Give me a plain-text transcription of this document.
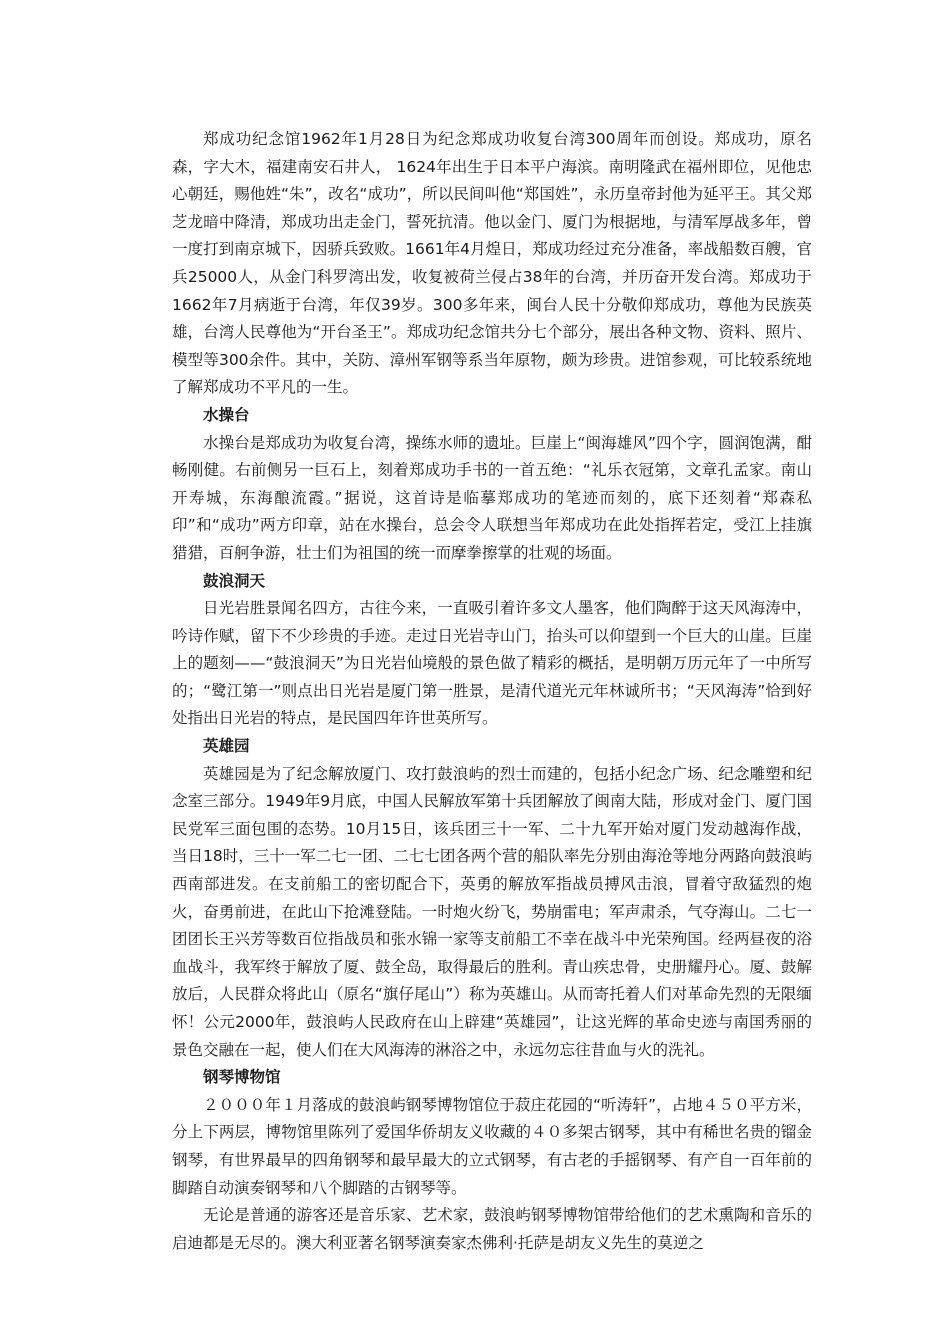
郑成功纪念馆1962年1月28日为纪念郑成功收复台湾300周年而创设。郑成功，原名森，字大木，福建南安石井人， 1624年出生于日本平户海滨。南明隆武在福州即位，见他忠心朝廷，赐他姓“朱”，改名“成功”，所以民间叫他“郑国姓”，永历皇帝封他为延平王。其父郑芝龙暗中降清，郑成功出走金门，誓死抗清。他以金门、厦门为根据地，与清军厚战多年，曾一度打到南京城下，因骄兵致败。1661年4月煌日，郑成功经过充分准备，率战船数百艘，官兵25000人，从金门科罗湾出发，收复被荷兰侵占38年的台湾，并历奋开发台湾。郑成功于1662年7月病逝于台湾，年仅39岁。300多年来，闽台人民十分敬仰郑成功，尊他为民族英雄，台湾人民尊他为“开台圣王”。郑成功纪念馆共分七个部分，展出各种文物、资料、照片、模型等300余件。其中，关防、漳州军钢等系当年原物，颇为珍贵。进馆参观，可比较系统地了解郑成功不平凡的一生。

水操台

水操台是郑成功为收复台湾，操练水师的遗址。巨崖上“闽海雄风”四个字，圆润饱满，酣畅刚健。右前侧另一巨石上，刻着郑成功手书的一首五绝：“礼乐衣冠第，文章孔孟家。南山开寿城，东海酿流霞。”据说，这首诗是临摹郑成功的笔迹而刻的，底下还刻着“郑森私印”和“成功”两方印章，站在水操台，总会令人联想当年郑成功在此处指挥若定，受江上挂旗猎猎，百舸争游，壮士们为祖国的统一而摩拳擦掌的壮观的场面。

鼓浪洞天

日光岩胜景闻名四方，古往今来，一直吸引着许多文人墨客，他们陶醉于这天风海涛中，吟诗作赋，留下不少珍贵的手迹。走过日光岩寺山门，抬头可以仰望到一个巨大的山崖。巨崖上的题刻——“鼓浪洞天”为日光岩仙境般的景色做了精彩的概括，是明朝万历元年了一中所写的；“鹭江第一”则点出日光岩是厦门第一胜景，是清代道光元年林诚所书；“天风海涛”恰到好处指出日光岩的特点，是民国四年许世英所写。

英雄园

英雄园是为了纪念解放厦门、攻打鼓浪屿的烈士而建的，包括小纪念广场、纪念雕塑和纪念室三部分。1949年9月底，中国人民解放军第十兵团解放了闽南大陆，形成对金门、厦门国民党军三面包围的态势。10月15日，该兵团三十一军、二十九军开始对厦门发动越海作战，当日18时，三十一军二七一团、二七七团各两个营的船队率先分别由海沧等地分两路向鼓浪屿西南部进发。在支前船工的密切配合下，英勇的解放军指战员搏风击浪，冒着守敌猛烈的炮火，奋勇前进，在此山下抢滩登陆。一时炮火纷飞，势崩雷电；军声肃杀，气夺海山。二七一团团长王兴芳等数百位指战员和张水锦一家等支前船工不幸在战斗中光荣殉国。经两昼夜的浴血战斗，我军终于解放了厦、鼓全岛，取得最后的胜利。青山疾忠骨，史册耀丹心。厦、鼓解放后，人民群众将此山（原名“旗仔尾山”）称为英雄山。从而寄托着人们对革命先烈的无限缅怀！公元2000年，鼓浪屿人民政府在山上辟建“英雄园”，让这光辉的革命史迹与南国秀丽的景色交融在一起，使人们在大风海涛的淋浴之中，永远勿忘往昔血与火的洗礼。

钢琴博物馆

２０００年１月落成的鼓浪屿钢琴博物馆位于菽庄花园的“听涛轩”，占地４５０平方米，分上下两层，博物馆里陈列了爱国华侨胡友义收藏的４０多架古钢琴，其中有稀世名贵的镏金钢琴，有世界最早的四角钢琴和最早最大的立式钢琴，有古老的手摇钢琴、有产自一百年前的脚踏自动演奏钢琴和八个脚踏的古钢琴等。

无论是普通的游客还是音乐家、艺术家，鼓浪屿钢琴博物馆带给他们的艺术熏陶和音乐的启迪都是无尽的。澳大利亚著名钢琴演奏家杰佛利·托萨是胡友义先生的莫逆之
